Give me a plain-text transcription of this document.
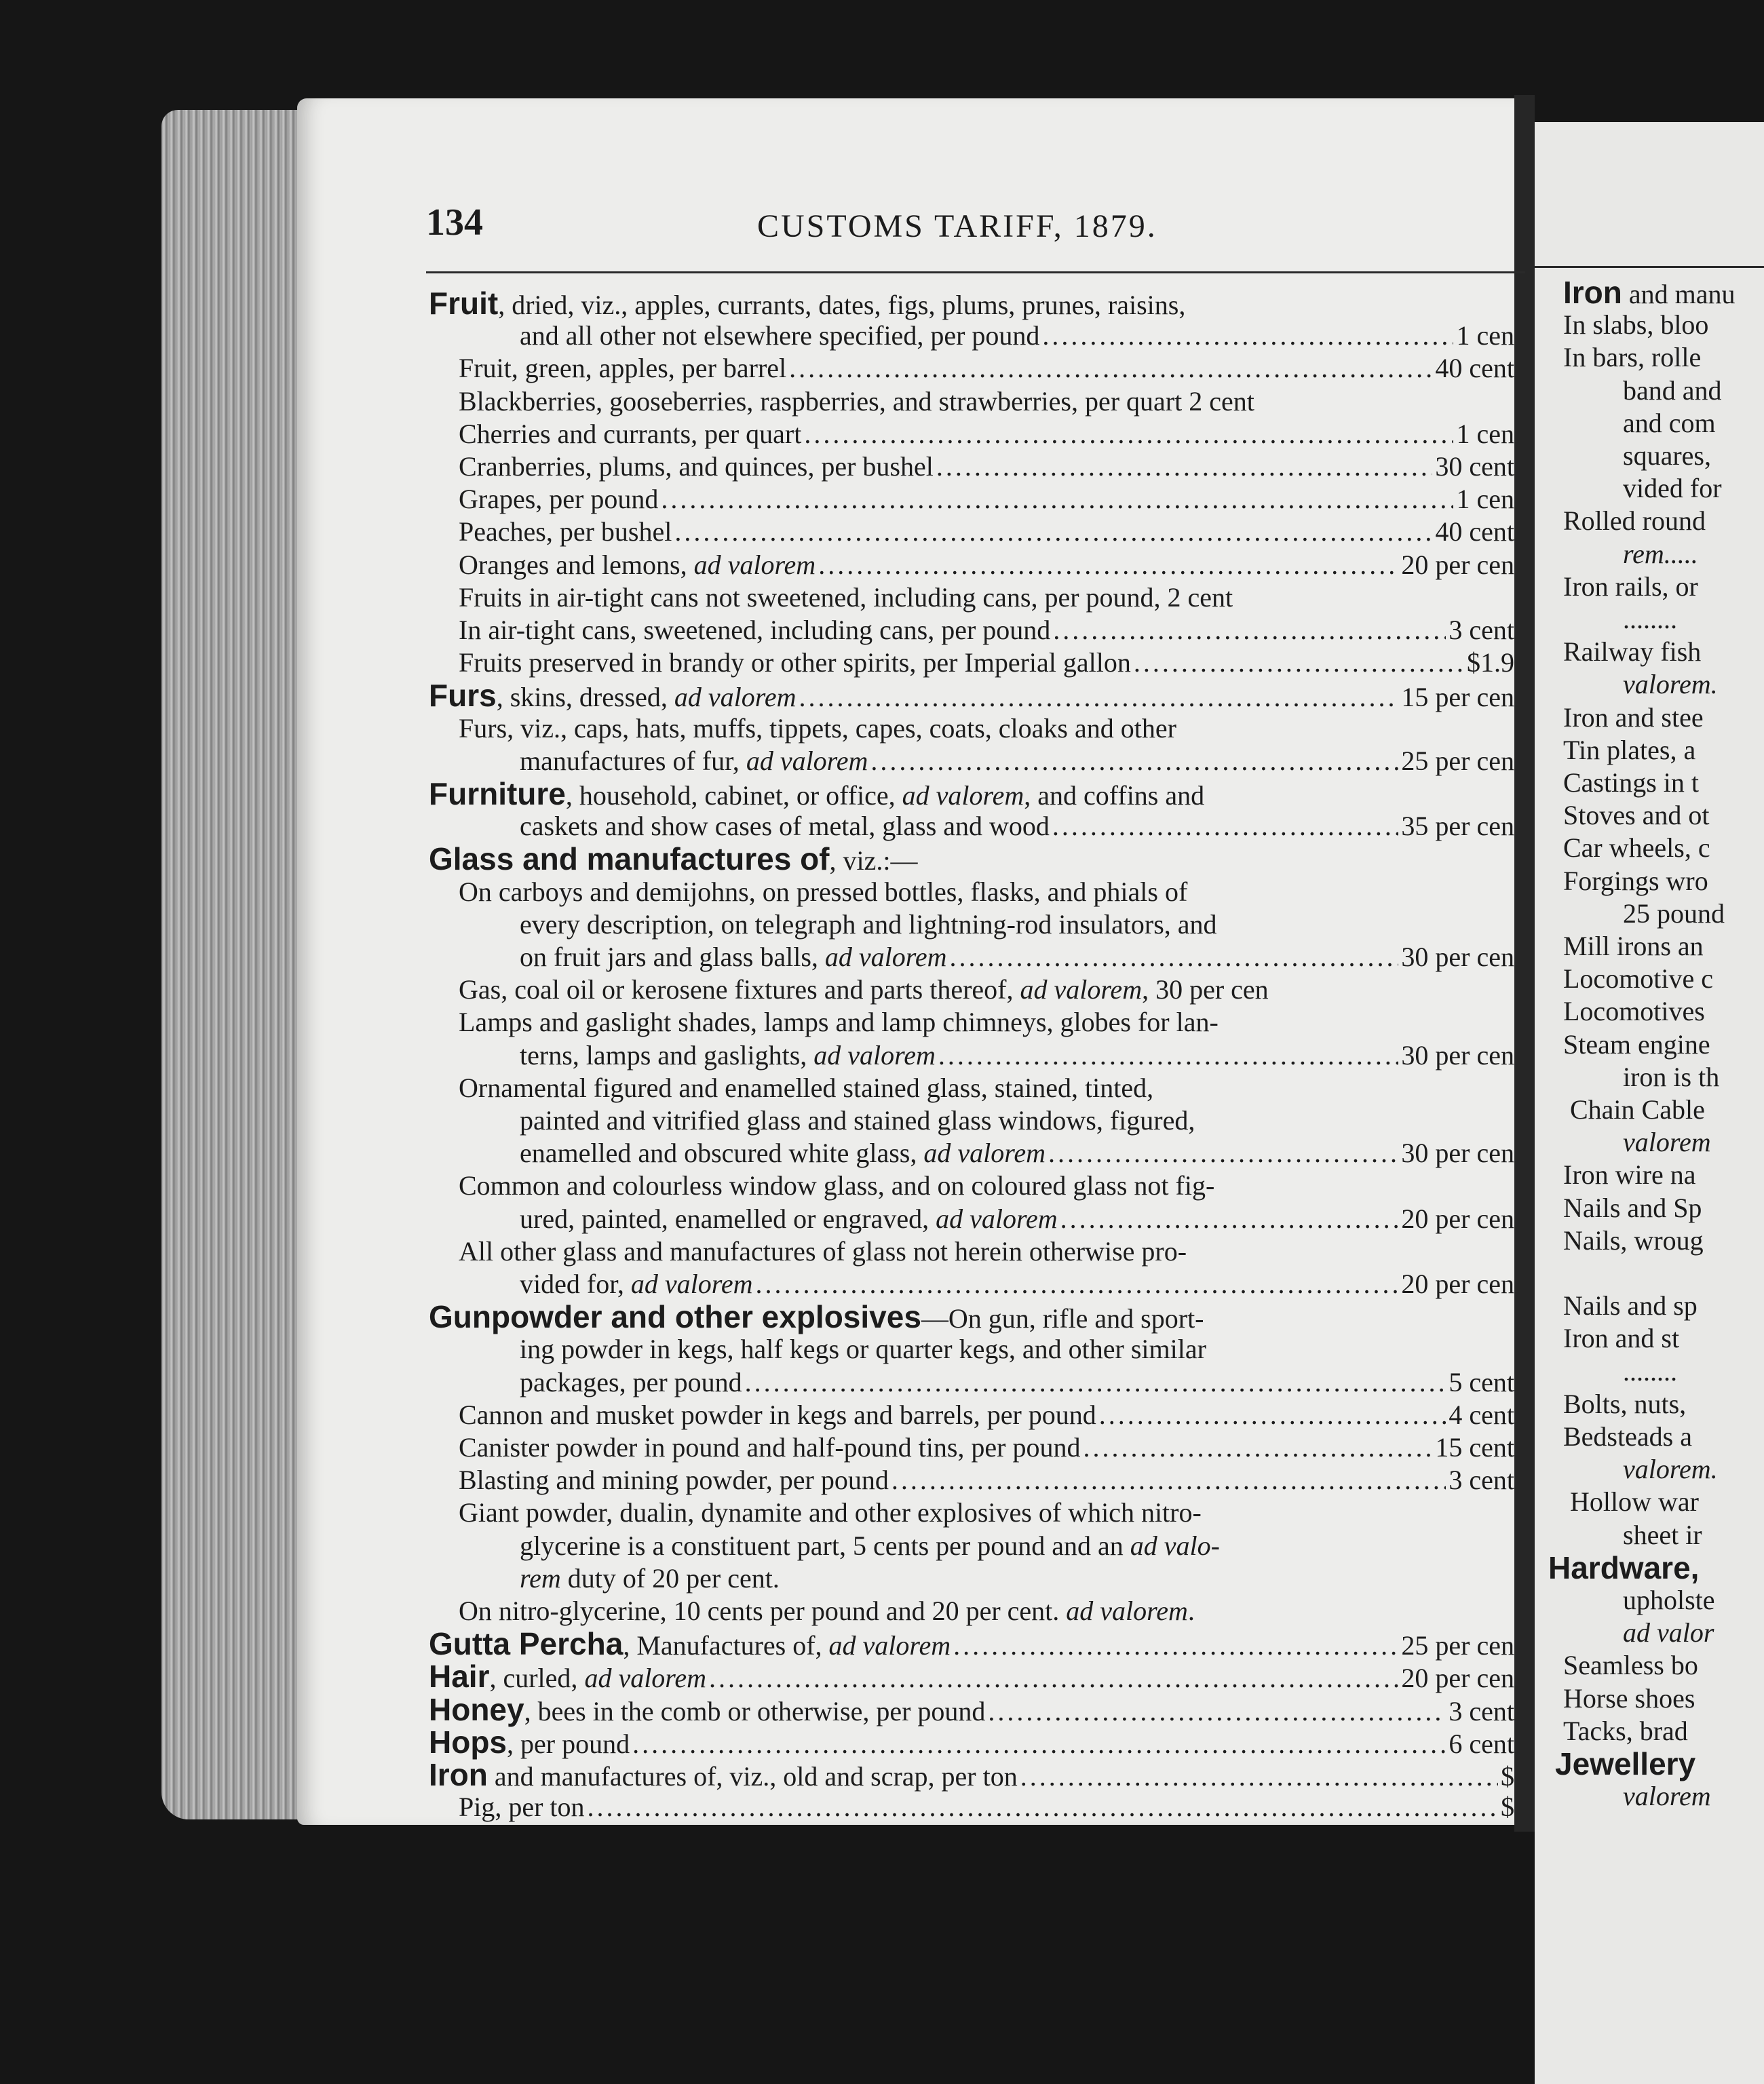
Iron and manu
In slabs, bloo
In bars, rolle
band and
and com
squares,
vided for
Rolled round
rem.....
Iron rails, or
........
Railway fish
valorem.
Iron and stee
Tin plates, a
Castings in t
Stoves and ot
Car wheels, c
Forgings wro
25 pound
Mill irons an
Locomotive c
Locomotives
Steam engine
iron is th
Chain Cable
valorem
Iron wire na
Nails and Sp
Nails, wroug
Nails and sp
Iron and st
........
Bolts, nuts,
Bedsteads a
valorem.
Hollow war
sheet ir
Hardware,
upholste
ad valor
Seamless bo
Horse shoes
Tacks, brad
Jewellery
valorem
134	CUSTOMS TARIFF, 1879.
Fruit, dried, viz., apples, currants, dates, figs, plums, prunes, raisins,
and all other not elsewhere specified, per pound . . .	1 cen
Fruit, green, apples, per barrel . . .	40 cent
Blackberries, gooseberries, raspberries, and strawberries, per quart 2 cent
Cherries and currants, per quart . . .	1 cen
Cranberries, plums, and quinces, per bushel . . .	30 cent
Grapes, per pound . . .	1 cen
Peaches, per bushel . . .	40 cent
Oranges and lemons, ad valorem . . .	20 per cen
Fruits in air-tight cans not sweetened, including cans, per pound, 2 cent
In air-tight cans, sweetened, including cans, per pound . . .	3 cent
Fruits preserved in brandy or other spirits, per Imperial gallon . . .	$1.9
Furs, skins, dressed, ad valorem . . .	15 per cen
Furs, viz., caps, hats, muffs, tippets, capes, coats, cloaks and other
manufactures of fur, ad valorem . . .	25 per cen
Furniture, household, cabinet, or office, ad valorem, and coffins and
caskets and show cases of metal, glass and wood . . .	35 per cen
Glass and manufactures of, viz.:—
On carboys and demijohns, on pressed bottles, flasks, and phials of
every description, on telegraph and lightning-rod insulators, and
on fruit jars and glass balls, ad valorem . . .	30 per cen
Gas, coal oil or kerosene fixtures and parts thereof, ad valorem, 30 per cen
Lamps and gaslight shades, lamps and lamp chimneys, globes for lan-
terns, lamps and gaslights, ad valorem . . .	30 per cen
Ornamental figured and enamelled stained glass, stained, tinted,
painted and vitrified glass and stained glass windows, figured,
enamelled and obscured white glass, ad valorem . . .	30 per cen
Common and colourless window glass, and on coloured glass not fig-
ured, painted, enamelled or engraved, ad valorem . . .	20 per cen
All other glass and manufactures of glass not herein otherwise pro-
vided for, ad valorem . . .	20 per cen
Gunpowder and other explosives—On gun, rifle and sport-
ing powder in kegs, half kegs or quarter kegs, and other similar
packages, per pound . . .	5 cent
Cannon and musket powder in kegs and barrels, per pound . . .	4 cent
Canister powder in pound and half-pound tins, per pound . . .	15 cent
Blasting and mining powder, per pound . . .	3 cent
Giant powder, dualin, dynamite and other explosives of which nitro-
glycerine is a constituent part, 5 cents per pound and an ad valo-
rem duty of 20 per cent.
On nitro-glycerine, 10 cents per pound and 20 per cent. ad valorem.
Gutta Percha, Manufactures of, ad valorem . . .	25 per cen
Hair, curled, ad valorem . . .	20 per cen
Honey, bees in the comb or otherwise, per pound . . .	3 cent
Hops, per pound . . .	6 cent
Iron and manufactures of, viz., old and scrap, per ton . . .	$
Pig, per ton . . .	$
